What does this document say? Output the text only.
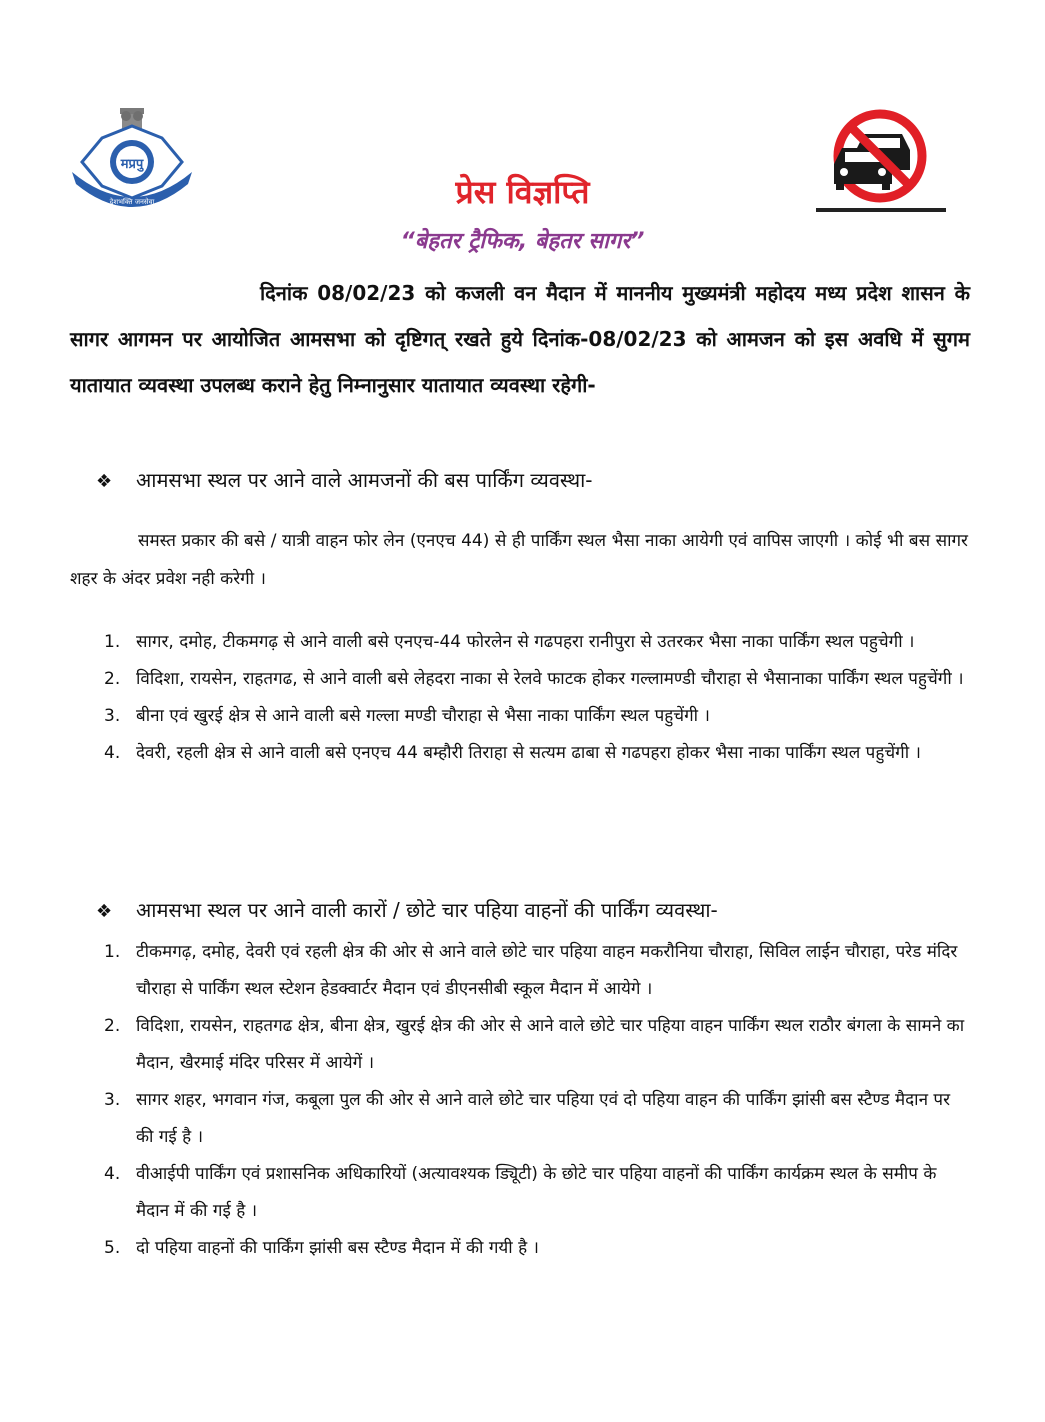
मप्रपु
देशभक्ति जनसेवा	प्रेस विज्ञप्ति
“बेहतर ट्रैफिक, बेहतर सागर”
दिनांक 08/02/23 को कजली वन मैदान में माननीय मुख्यमंत्री महोदय मध्य प्रदेश शासन के सागर आगमन पर आयोजित आमसभा को दृष्टिगत् रखते हुये दिनांक-08/02/23 को आमजन को इस अवधि में सुगम यातायात व्यवस्था उपलब्ध कराने हेतु निम्नानुसार यातायात व्यवस्था रहेगी-
❖ आमसभा स्थल पर आने वाले आमजनों की बस पार्किंग व्यवस्था-
समस्त प्रकार की बसे / यात्री वाहन फोर लेन (एनएच 44) से ही पार्किंग स्थल भैसा नाका आयेगी एवं वापिस जाएगी । कोई भी बस सागर शहर के अंदर प्रवेश नही करेगी ।
1. सागर, दमोह, टीकमगढ़ से आने वाली बसे एनएच-44 फोरलेन से गढपहरा रानीपुरा से उतरकर भैसा नाका पार्किंग स्थल पहुचेगी ।
2. विदिशा, रायसेन, राहतगढ, से आने वाली बसे लेहदरा नाका से रेलवे फाटक होकर गल्लामण्डी चौराहा से भैसानाका पार्किंग स्थल पहुचेंगी ।
3. बीना एवं खुरई क्षेत्र से आने वाली बसे गल्ला मण्डी चौराहा से भैसा नाका पार्किंग स्थल पहुचेंगी ।
4. देवरी, रहली क्षेत्र से आने वाली बसे एनएच 44 बम्हौरी तिराहा से सत्यम ढाबा से गढपहरा होकर भैसा नाका पार्किंग स्थल पहुचेंगी ।
❖ आमसभा स्थल पर आने वाली कारों / छोटे चार पहिया वाहनों की पार्किंग व्यवस्था-
1. टीकमगढ़, दमोह, देवरी एवं रहली क्षेत्र की ओर से आने वाले छोटे चार पहिया वाहन मकरौनिया चौराहा, सिविल लाईन चौराहा, परेड मंदिर चौराहा से पार्किंग स्थल स्टेशन हेडक्वार्टर मैदान एवं डीएनसीबी स्कूल मैदान में आयेगे ।
2. विदिशा, रायसेन, राहतगढ क्षेत्र, बीना क्षेत्र, खुरई क्षेत्र की ओर से आने वाले छोटे चार पहिया वाहन पार्किंग स्थल राठौर बंगला के सामने का मैदान, खैरमाई मंदिर परिसर में आयेगें ।
3. सागर शहर, भगवान गंज, कबूला पुल की ओर से आने वाले छोटे चार पहिया एवं दो पहिया वाहन की पार्किंग झांसी बस स्टैण्ड मैदान पर की गई है ।
4. वीआईपी पार्किंग एवं प्रशासनिक अधिकारियों (अत्यावश्यक ड्यिूटी) के छोटे चार पहिया वाहनों की पार्किंग कार्यक्रम स्थल के समीप के मैदान में की गई है ।
5. दो पहिया वाहनों की पार्किंग झांसी बस स्टैण्ड मैदान में की गयी है ।
